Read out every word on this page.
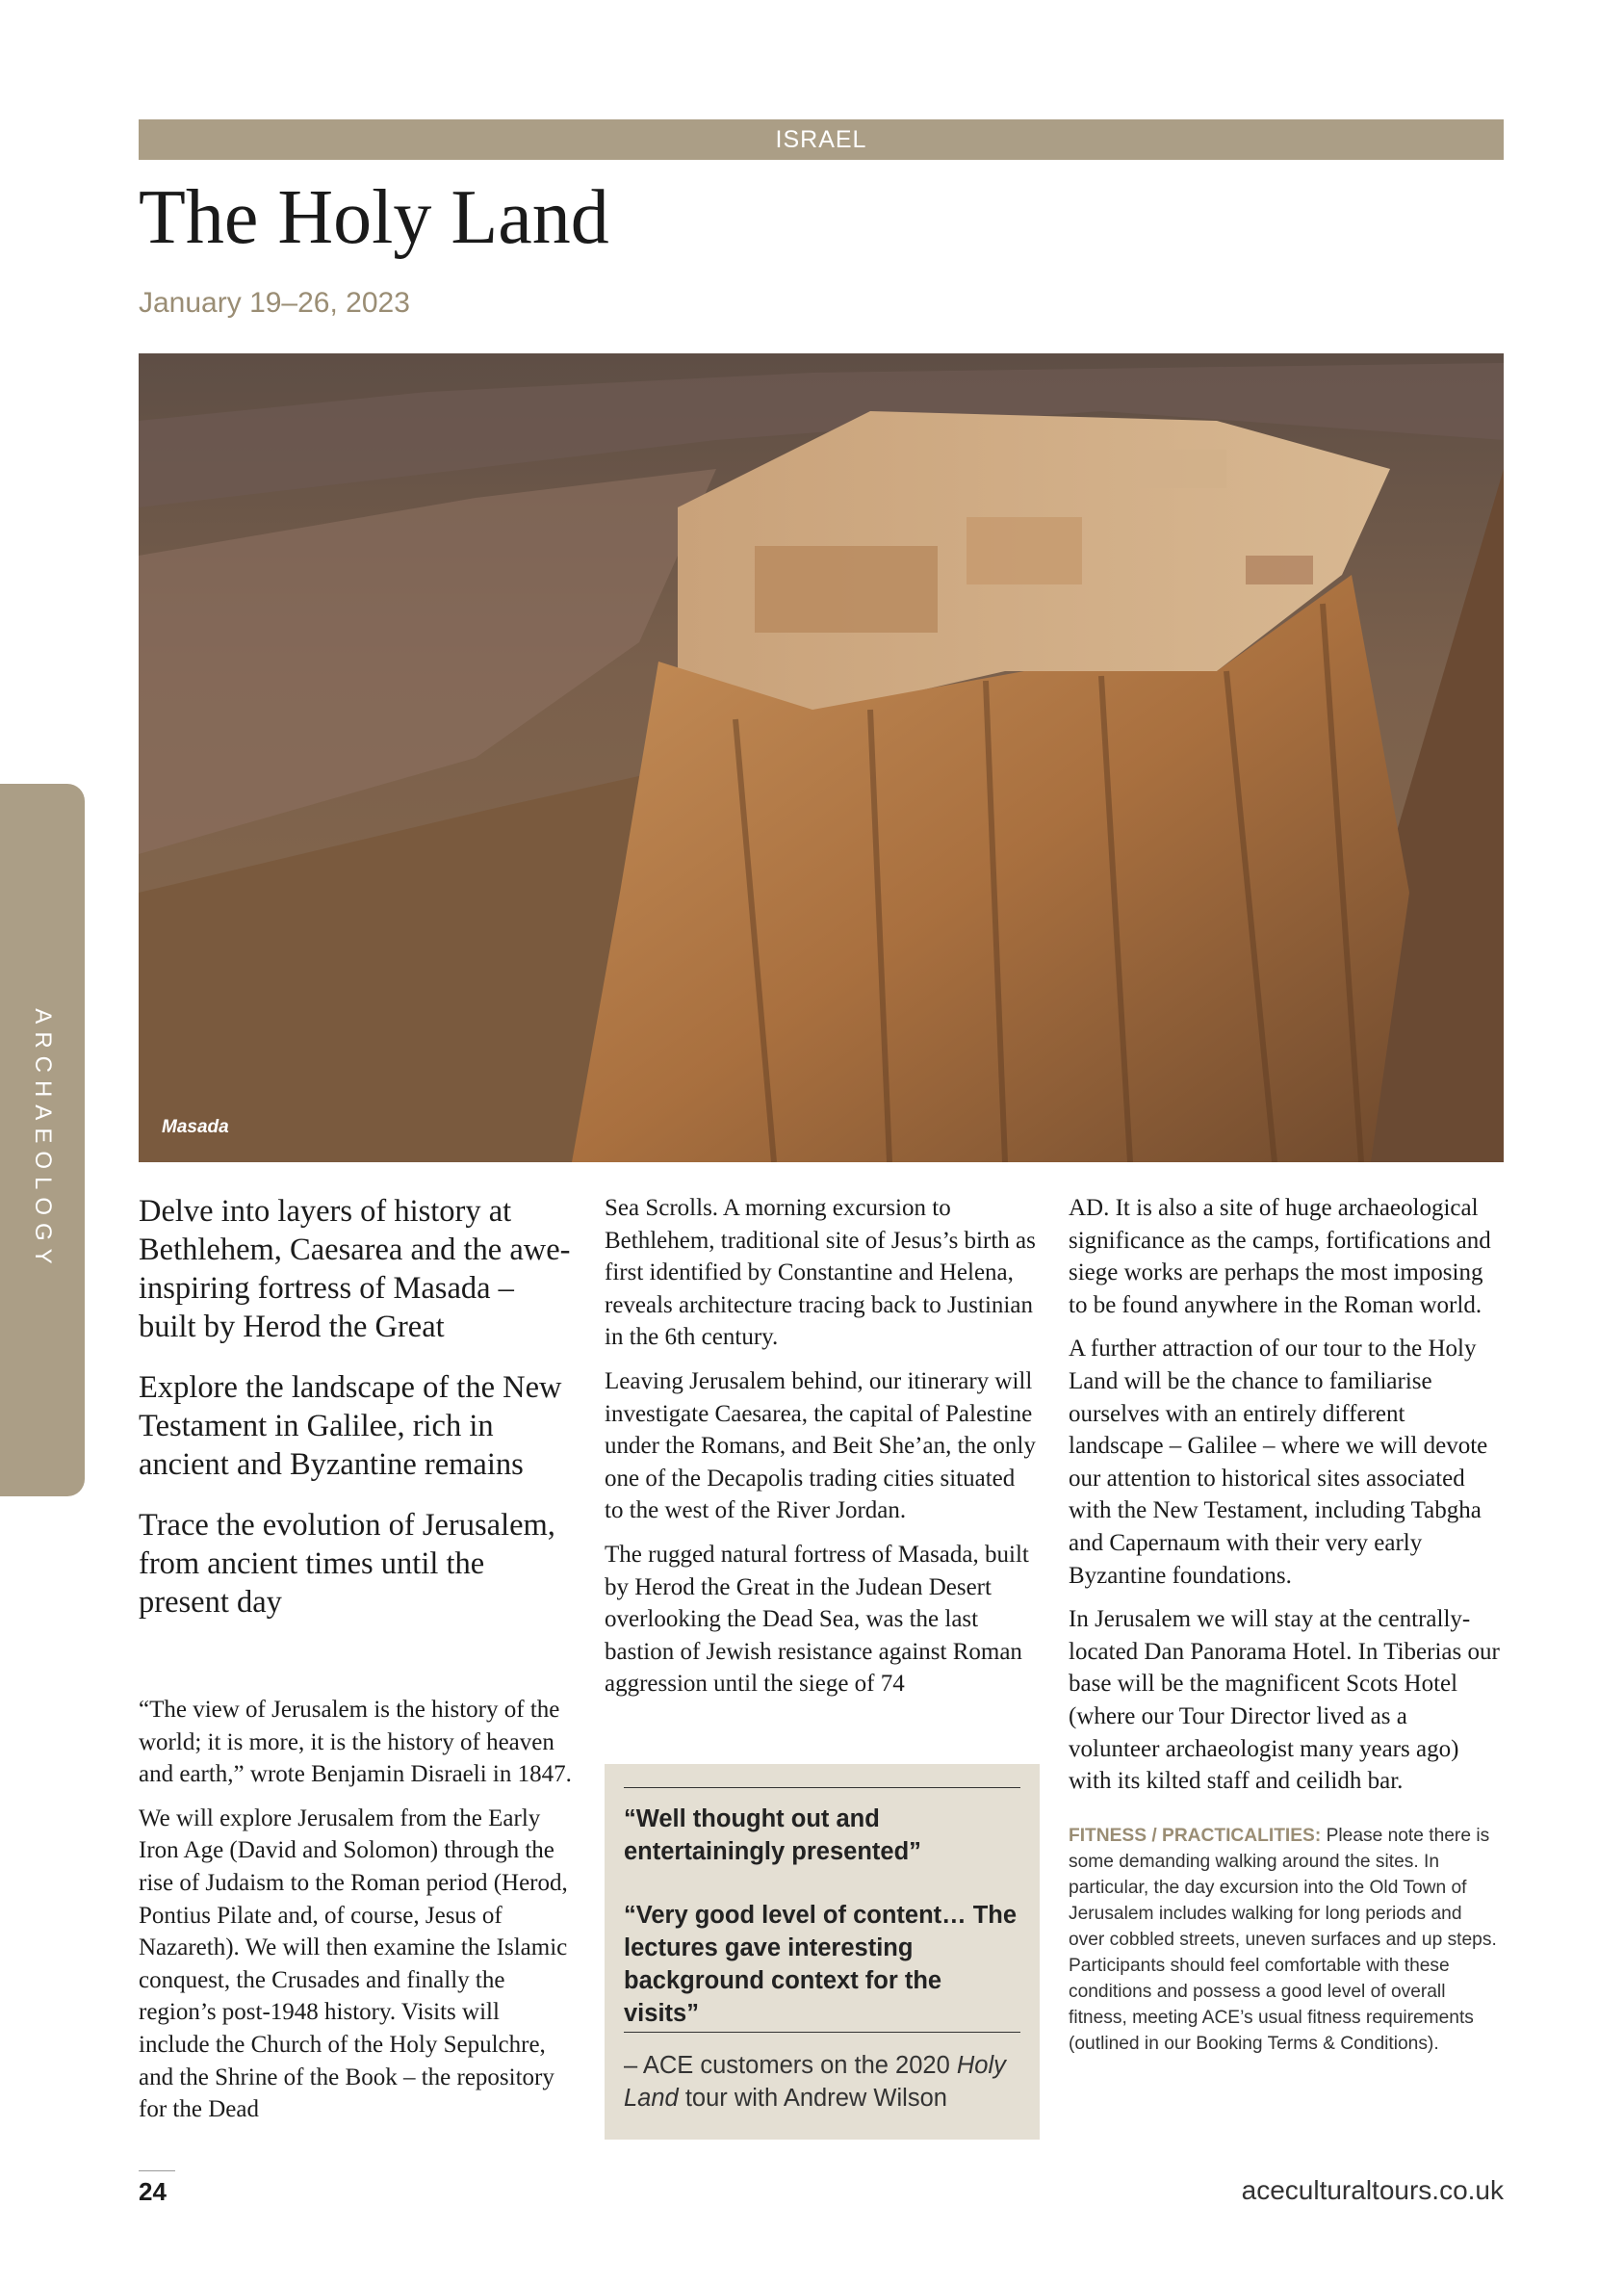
ISRAEL
The Holy Land
January 19–26, 2023
ARCHAEOLOGY	Masada

Delve into layers of history at Bethlehem, Caesarea and the awe-inspiring fortress of Masada – built by Herod the Great

Explore the landscape of the New Testament in Galilee, rich in ancient and Byzantine remains

Trace the evolution of Jerusalem, from ancient times until the present day

“The view of Jerusalem is the history of the world; it is more, it is the history of heaven and earth,” wrote Benjamin Disraeli in 1847.

We will explore Jerusalem from the Early Iron Age (David and Solomon) through the rise of Judaism to the Roman period (Herod, Pontius Pilate and, of course, Jesus of Nazareth). We will then examine the Islamic conquest, the Crusades and finally the region’s post-1948 history. Visits will include the Church of the Holy Sepulchre, and the Shrine of the Book – the repository for the Dead

Sea Scrolls. A morning excursion to Bethlehem, traditional site of Jesus’s birth as first identified by Constantine and Helena, reveals architecture tracing back to Justinian in the 6th century.

Leaving Jerusalem behind, our itinerary will investigate Caesarea, the capital of Palestine under the Romans, and Beit She’an, the only one of the Decapolis trading cities situated to the west of the River Jordan.

The rugged natural fortress of Masada, built by Herod the Great in the Judean Desert overlooking the Dead Sea, was the last bastion of Jewish resistance against Roman aggression until the siege of 74

“Well thought out and entertainingly presented”

“Very good level of content… The lectures gave interesting background context for the visits”

– ACE customers on the 2020 Holy Land tour with Andrew Wilson

AD. It is also a site of huge archaeological significance as the camps, fortifications and siege works are perhaps the most imposing to be found anywhere in the Roman world.

A further attraction of our tour to the Holy Land will be the chance to familiarise ourselves with an entirely different landscape – Galilee – where we will devote our attention to historical sites associated with the New Testament, including Tabgha and Capernaum with their very early Byzantine foundations.

In Jerusalem we will stay at the centrally-located Dan Panorama Hotel. In Tiberias our base will be the magnificent Scots Hotel (where our Tour Director lived as a volunteer archaeologist many years ago) with its kilted staff and ceilidh bar.

FITNESS / PRACTICALITIES: Please note there is some demanding walking around the sites. In particular, the day excursion into the Old Town of Jerusalem includes walking for long periods and over cobbled streets, uneven surfaces and up steps. Participants should feel comfortable with these conditions and possess a good level of overall fitness, meeting ACE’s usual fitness requirements (outlined in our Booking Terms & Conditions).

24	aceculturaltours.co.uk
